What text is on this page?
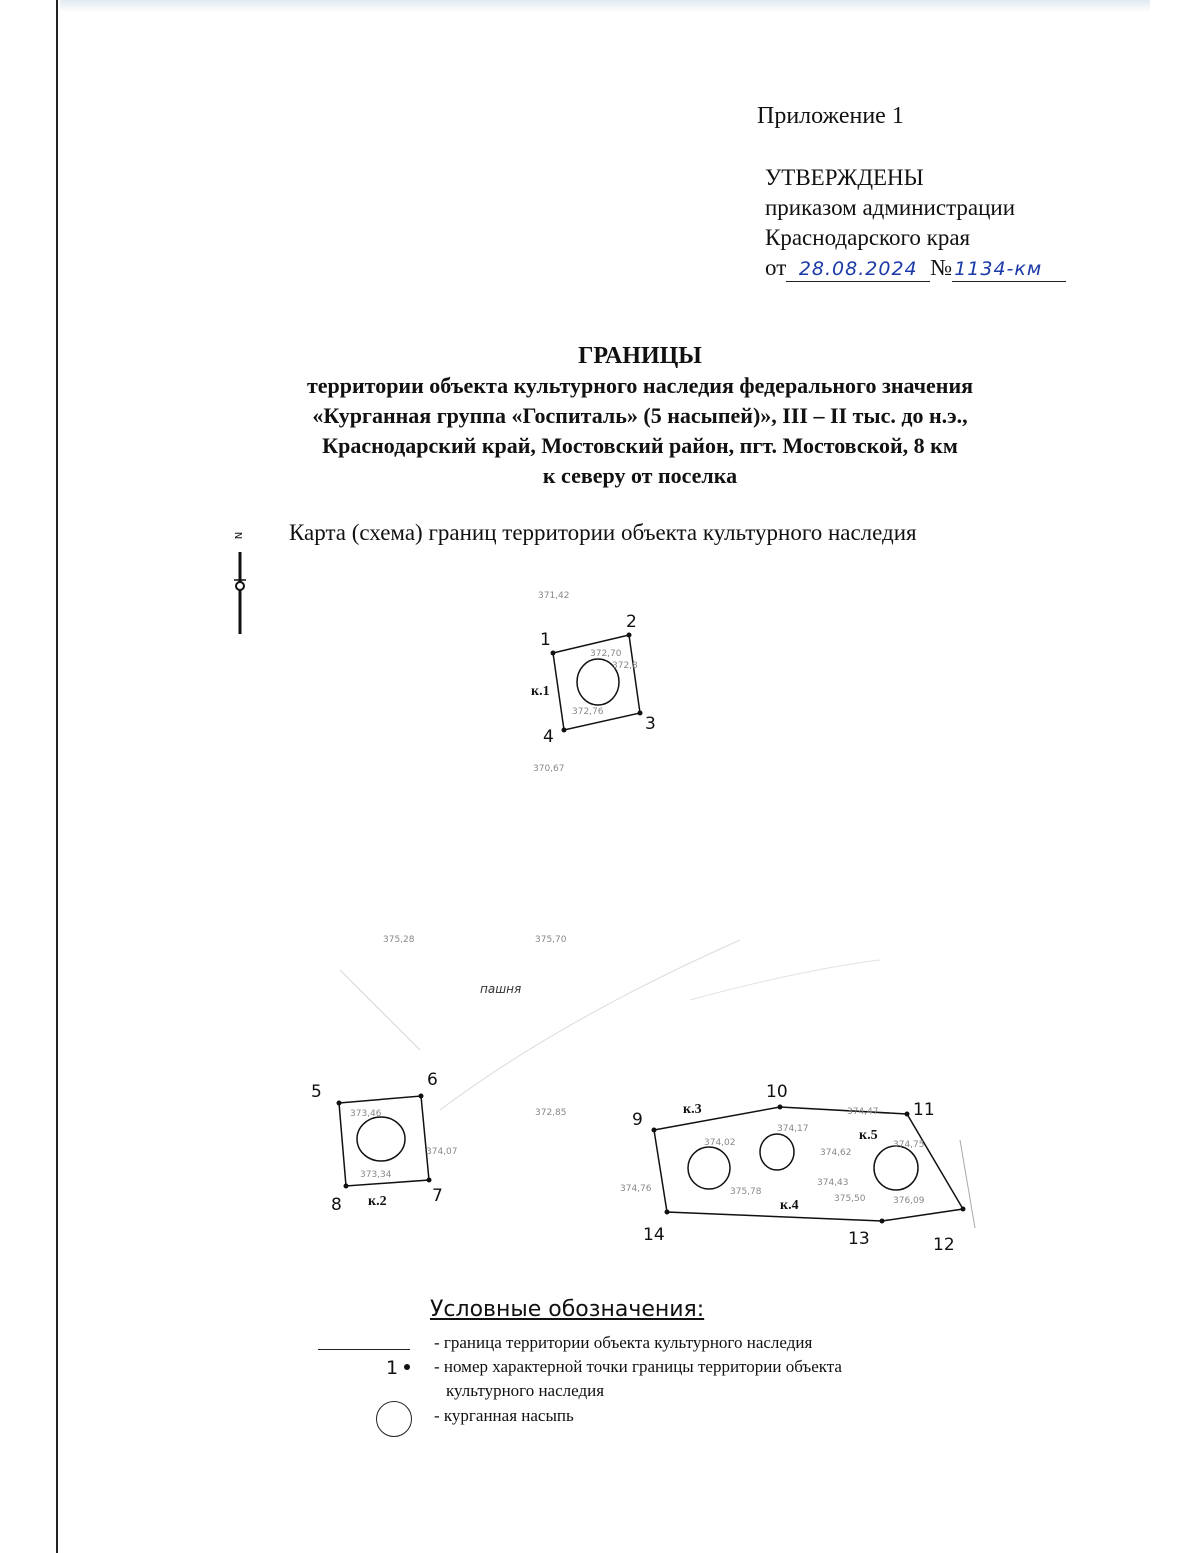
Приложение 1
УТВЕРЖДЕНЫ
приказом администрации
Краснодарского края
от 28.08.2024 № 1134-км
ГРАНИЦЫ
территории объекта культурного наследия федерального значения
«Курганная группа «Госпиталь» (5 насыпей)», III – II тыс. до н.э.,
Краснодарский край, Мостовский район, пгт. Мостовской, 8 км
к северу от поселка
Карта (схема) границ территории объекта культурного наследия
N
1
2
3
4
5
6
7
8
9
10
11
12
13
14
к.1
к.2
к.3
к.4
к.5
371,42
372,70
372,8
372,76
370,67
375,28	375,70
пашня
373,46
374,07
373,34
372,85
374,02
374,17
374,47
374,62
374,75
374,76	375,78
374,43
375,50	376,09
Условные обозначения:
- граница территории объекта культурного наследия
1 - номер характерной точки границы территории объекта
культурного наследия
- курганная насыпь
